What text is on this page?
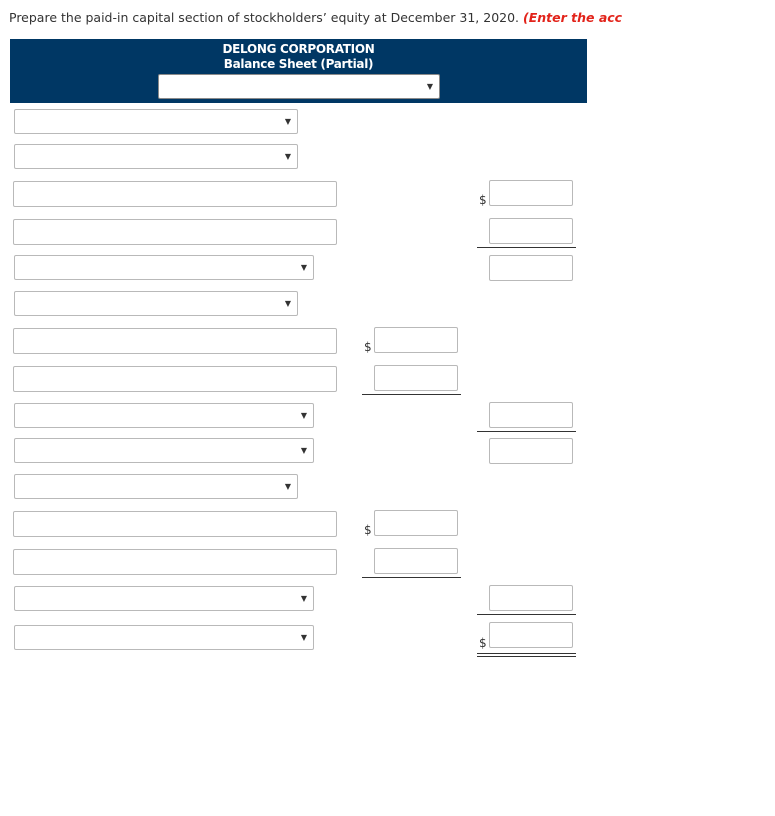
Prepare the paid-in capital section of stockholders’ equity at December 31, 2020. (Enter the acc
DELONG CORPORATION
Balance Sheet (Partial)
▼
▼
▼
$
▼
▼
$
▼
▼
▼
$
▼
▼	$
